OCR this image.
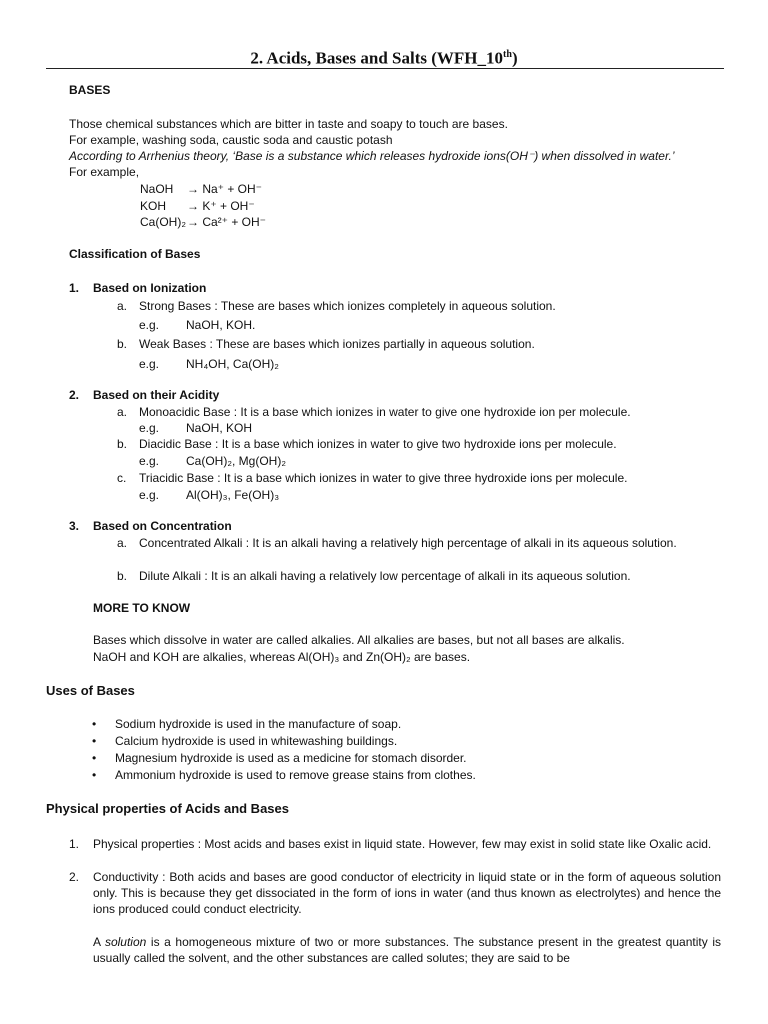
2. Acids, Bases and Salts (WFH_10th)
BASES
Those chemical substances which are bitter in taste and soapy to touch are bases.
For example, washing soda, caustic soda and caustic potash
According to Arrhenius theory, ‘Base is a substance which releases hydroxide ions(OH⁻) when dissolved in water.’
For example,
NaOH → Na⁺ + OH⁻
KOH → K⁺ + OH⁻
Ca(OH)₂ → Ca²⁺ + OH⁻
Classification of Bases
1. Based on Ionization
a. Strong Bases : These are bases which ionizes completely in aqueous solution.
e.g. NaOH, KOH.
b. Weak Bases : These are bases which ionizes partially in aqueous solution.
e.g. NH₄OH, Ca(OH)₂
2. Based on their Acidity
a. Monoacidic Base : It is a base which ionizes in water to give one hydroxide ion per molecule.
e.g. NaOH, KOH
b. Diacidic Base : It is a base which ionizes in water to give two hydroxide ions per molecule.
e.g. Ca(OH)₂, Mg(OH)₂
c. Triacidic Base : It is a base which ionizes in water to give three hydroxide ions per molecule.
e.g. Al(OH)₃, Fe(OH)₃
3. Based on Concentration
a. Concentrated Alkali : It is an alkali having a relatively high percentage of alkali in its aqueous solution.
b. Dilute Alkali : It is an alkali having a relatively low percentage of alkali in its aqueous solution.
MORE TO KNOW
Bases which dissolve in water are called alkalies. All alkalies are bases, but not all bases are alkalis.
NaOH and KOH are alkalies, whereas Al(OH)₃ and Zn(OH)₂ are bases.
Uses of Bases
• Sodium hydroxide is used in the manufacture of soap.
• Calcium hydroxide is used in whitewashing buildings.
• Magnesium hydroxide is used as a medicine for stomach disorder.
• Ammonium hydroxide is used to remove grease stains from clothes.
Physical properties of Acids and Bases
1. Physical properties : Most acids and bases exist in liquid state. However, few may exist in solid state like Oxalic acid.
2. Conductivity : Both acids and bases are good conductor of electricity in liquid state or in the form of aqueous solution only. This is because they get dissociated in the form of ions in water (and thus known as electrolytes) and hence the ions produced could conduct electricity.
A solution is a homogeneous mixture of two or more substances. The substance present in the greatest quantity is usually called the solvent, and the other substances are called solutes; they are said to be
